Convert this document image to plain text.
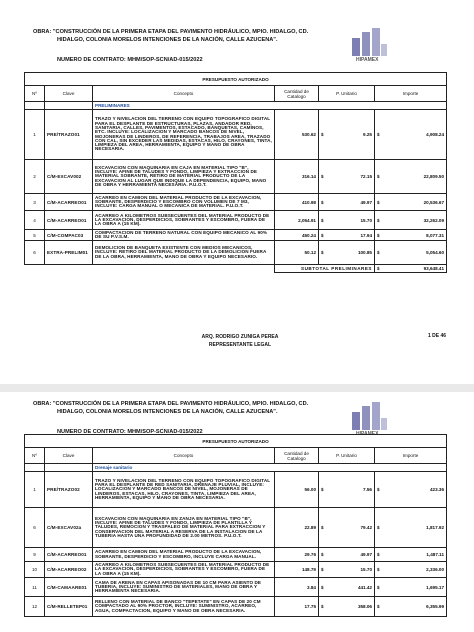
OBRA: "CONSTRUCCIÓN DE LA PRIMERA ETAPA DEL PAVIMENTO HIDRÁULICO, MPIO. HIDALGO, CD.
HIDALGO, COLONIA MORELOS INTENCIONES DE LA NACIÓN, CALLE AZUCENA".
NUMERO DE CONTRATO: MHM/SOP-SCN/AD-015/2022	HIPAMEX
PRESUPUESTO AUTORIZADO					
Nº	Clave	Concepto	Cantidad de Catalogo	P. Unitario	Importe
		PRELIMINARES			
1	PRE/TRAZO01	TRAZO Y NIVELACION DEL TERRENO CON EQUIPO TOPOGRAFICO DIGITAL PARA EL DESPLANTE DE ESTRUCTURAS, PLAZAS, ANDADOR RED, SANITARIA, CALLES, PAVIMENTOS, ESTACADO, BANQUETAS, CAMINOS, ETC. INCLUYE: LOCALIZACION Y MARCADO BANCOS DE NIVEL, MOJONERAS DE LINDEROS, DE REFERENCIA, TRABAJOS AREA, TRAZADO CON CAL, SIN EXCEDER LAS MEDIDAS, ESTACAS, HILO, CRAYONES, TINTA, LIMPIEZA DEL AREA, HERRAMIENTA, EQUIPO Y MANO DE OBRA NECESARIA.	530.62	$ 9.25	$ 4,908.24

2	C/M-EXCAV002	EXCAVACION CON MAQUINARIA EN CAJA EN MATERIAL TIPO "B", INCLUYE: AFINE DE TALUDES Y FONDO, LIMPIEZA Y EXTRACCION DE MATERIAL SOBRANTE, RETIRO DE MATERIAL PRODUCTO DE LA EXCAVACION AL LUGAR QUE INDIQUE LA DEPENDENCIA, EQUIPO, MANO DE OBRA Y HERRAMIENTA NECESARIA. P.U.O.T.	316.14	$ 72.15	$ 22,809.50

3	C/M-ACARREO01	ACARREO EN CAMION DEL MATERIAL PRODUCTO DE LA EXCAVACION, SOBRANTE, DESPERDICIO Y ESCOMBRO CON VOLUMEN DE 7 M3, INCLUYE: CARGA MANUAL O MECANICA DE MATERIAL. P.U.O.T.	410.98	$ 49.97	$ 20,536.67

4	C/M-ACARREO01	ACARREO A KILOMETROS SUBSECUENTES DEL MATERIAL PRODUCTO DE LA EXCAVACION, DESPERDICIOS, SOBRANTES Y ESCOMBRO, FUERA DE LA OBRA A (15 KM).	2,054.91	$ 15.70	$ 32,262.09

5	C/M-COMPAC03	COMPACTACION DE TERRENO NATURAL CON EQUIPO MECANICO AL 90% DE SU P.V.S.M.	450.24	$ 17.94	$ 8,077.31

6	EXTRA-PRELIM01	DEMOLICION DE BANQUETA EXISTENTE CON MEDIOS MECANICOS, INCLUYE: RETIRO DEL MATERIAL PRODUCTO DE LA DEMOLICION FUERA DE LA OBRA, HERRAMIENTA, MANO DE OBRA Y EQUIPO NECESARIO.	50.12	$ 100.85	$ 5,054.60

			SUBTOTAL PRELIMINARES		$ 93,648.41
ARQ. RODRIGO ZUNIGA PEREA
REPRESENTANTE LEGAL
1 DE 46
OBRA: "CONSTRUCCIÓN DE LA PRIMERA ETAPA DEL PAVIMENTO HIDRÁULICO, MPIO. HIDALGO, CD.
HIDALGO, COLONIA MORELOS INTENCIONES DE LA NACIÓN, CALLE AZUCENA".
NUMERO DE CONTRATO: MHM/SOP-SCN/AD-015/2022	HIPAMEX
PRESUPUESTO AUTORIZADO					
Nº	Clave	Concepto	Cantidad de Catalogo	P. Unitario	Importe
		Drenaje sanitario			
1	PRE/TRAZO02	TRAZO Y NIVELACION DEL TERRENO CON EQUIPO TOPOGRAFICO DIGITAL PARA EL DESPLANTE DE RED SANITARIA, DRENAJE PLUVIAL, INCLUYE: LOCALIZACION Y MARCADO BANCOS DE NIVEL, MOJONERAS DE LINDEROS, ESTACAS, HILO, CRAYONES, TINTA, LIMPIEZA DEL AREA, HERRAMIENTA, EQUIPO Y MANO DE OBRA NECESARIA.	56.00	$ 7.56	$ 423.36

6	C/M-EXCAV02a	EXCAVACION CON MAQUINARIA EN ZANJA EN MATERIAL TIPO "B", INCLUYE: AFINE DE TALUDES Y FONDO, LIMPIEZA DE PLANTILLA Y TALUDES, REMOCION Y TRASPALEO DE MATERIAL PARA EXTRACCION Y CONSERVACION DEL MATERIAL A RESERVA DE LA INSTALACION DE LA TUBERIA HASTA UNA PROFUNDIDAD DE 2.00 METROS. P.U.O.T.	22.89	$ 79.42	$ 1,817.92

9	C/M-ACARREO01	ACARREO EN CAMION DEL MATERIAL PRODUCTO DE LA EXCAVACION, SOBRANTE, DESPERDICIO Y ESCOMBRO, INCLUYE CARGA MANUAL.	29.76	$ 49.97	$ 1,487.11

10	C/M-ACARREO02	ACARREO A KILOMETROS SUBSECUENTES DEL MATERIAL PRODUCTO DE LA EXCAVACION, DESPERDICIOS, SOBRANTES Y ESCOMBRO, FUERA DE LA OBRA A (15 KM).	148.79	$ 15.70	$ 2,336.00

11	C/M-CAMAARE01	CAMA DE ARENA EN CAPAS APISONADAS DE 10 CM PARA ASIENTO DE TUBERIA, INCLUYE: SUMINISTRO DE MATERIALES, MANO DE OBRA Y HERRAMIENTA NECESARIA.	3.84	$ 441.42	$ 1,695.17

12	C/M-RELLETEP01	RELLENO CON MATERIAL DE BANCO "TEPETATE" EN CAPAS DE 20 CM COMPACTADO AL 90% PROCTOR, INCLUYE: SUMINISTRO, ACARREO, AGUA, COMPACTACION, EQUIPO Y MANO DE OBRA NECESARIA.	17.75	$ 358.06	$ 6,355.99
